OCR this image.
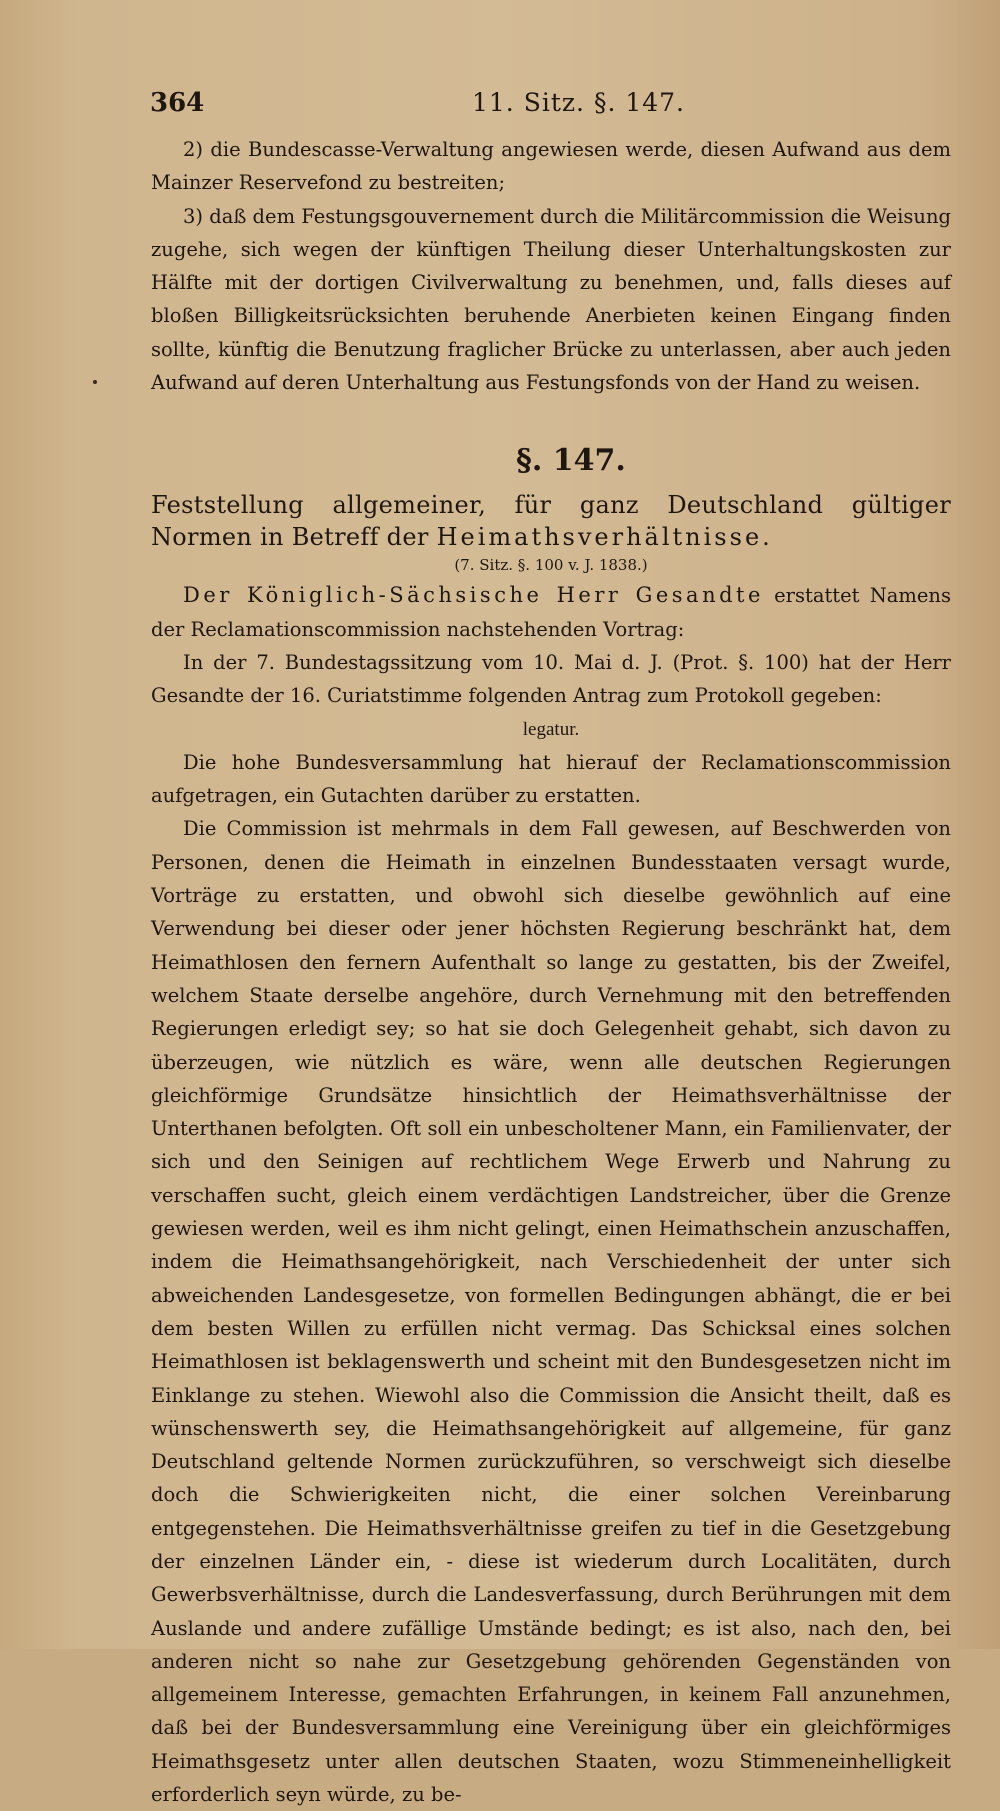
364	11. Sitz. §. 147.

2) die Bundescasse-Verwaltung angewiesen werde, diesen Aufwand aus dem Mainzer Reservefond zu bestreiten;

3) daß dem Festungsgouvernement durch die Militärcommission die Weisung zugehe, sich wegen der künftigen Theilung dieser Unterhaltungskosten zur Hälfte mit der dortigen Civilverwaltung zu benehmen, und, falls dieses auf bloßen Billigkeitsrücksichten beruhende Anerbieten keinen Eingang finden sollte, künftig die Benutzung fraglicher Brücke zu unterlassen, aber auch jeden Aufwand auf deren Unterhaltung aus Festungsfonds von der Hand zu weisen.

§. 147.

Feststellung allgemeiner, für ganz Deutschland gültiger Normen in Betreff der Heimathsverhältnisse.

(7. Sitz. §. 100 v. J. 1838.)

Der Königlich-Sächsische Herr Gesandte erstattet Namens der Reclamationscommission nachstehenden Vortrag:

In der 7. Bundestagssitzung vom 10. Mai d. J. (Prot. §. 100) hat der Herr Gesandte der 16. Curiatstimme folgenden Antrag zum Protokoll gegeben:

legatur.

Die hohe Bundesversammlung hat hierauf der Reclamationscommission aufgetragen, ein Gutachten darüber zu erstatten.

Die Commission ist mehrmals in dem Fall gewesen, auf Beschwerden von Personen, denen die Heimath in einzelnen Bundesstaaten versagt wurde, Vorträge zu erstatten, und obwohl sich dieselbe gewöhnlich auf eine Verwendung bei dieser oder jener höchsten Regierung beschränkt hat, dem Heimathlosen den fernern Aufenthalt so lange zu gestatten, bis der Zweifel, welchem Staate derselbe angehöre, durch Vernehmung mit den betreffenden Regierungen erledigt sey; so hat sie doch Gelegenheit gehabt, sich davon zu überzeugen, wie nützlich es wäre, wenn alle deutschen Regierungen gleichförmige Grundsätze hinsichtlich der Heimathsverhältnisse der Unterthanen befolgten. Oft soll ein unbescholtener Mann, ein Familienvater, der sich und den Seinigen auf rechtlichem Wege Erwerb und Nahrung zu verschaffen sucht, gleich einem verdächtigen Landstreicher, über die Grenze gewiesen werden, weil es ihm nicht gelingt, einen Heimathschein anzuschaffen, indem die Heimathsangehörigkeit, nach Verschiedenheit der unter sich abweichenden Landesgesetze, von formellen Bedingungen abhängt, die er bei dem besten Willen zu erfüllen nicht vermag. Das Schicksal eines solchen Heimathlosen ist beklagenswerth und scheint mit den Bundesgesetzen nicht im Einklange zu stehen. Wiewohl also die Commission die Ansicht theilt, daß es wünschenswerth sey, die Heimathsangehörigkeit auf allgemeine, für ganz Deutschland geltende Normen zurückzuführen, so verschweigt sich dieselbe doch die Schwierigkeiten nicht, die einer solchen Vereinbarung entgegenstehen. Die Heimathsverhältnisse greifen zu tief in die Gesetzgebung der einzelnen Länder ein, - diese ist wiederum durch Localitäten, durch Gewerbsverhältnisse, durch die Landesverfassung, durch Berührungen mit dem Auslande und andere zufällige Umstände bedingt; es ist also, nach den, bei anderen nicht so nahe zur Gesetzgebung gehörenden Gegenständen von allgemeinem Interesse, gemachten Erfahrungen, in keinem Fall anzunehmen, daß bei der Bundesversammlung eine Vereinigung über ein gleichförmiges Heimathsgesetz unter allen deutschen Staaten, wozu Stimmeneinhelligkeit erforderlich seyn würde, zu be-
